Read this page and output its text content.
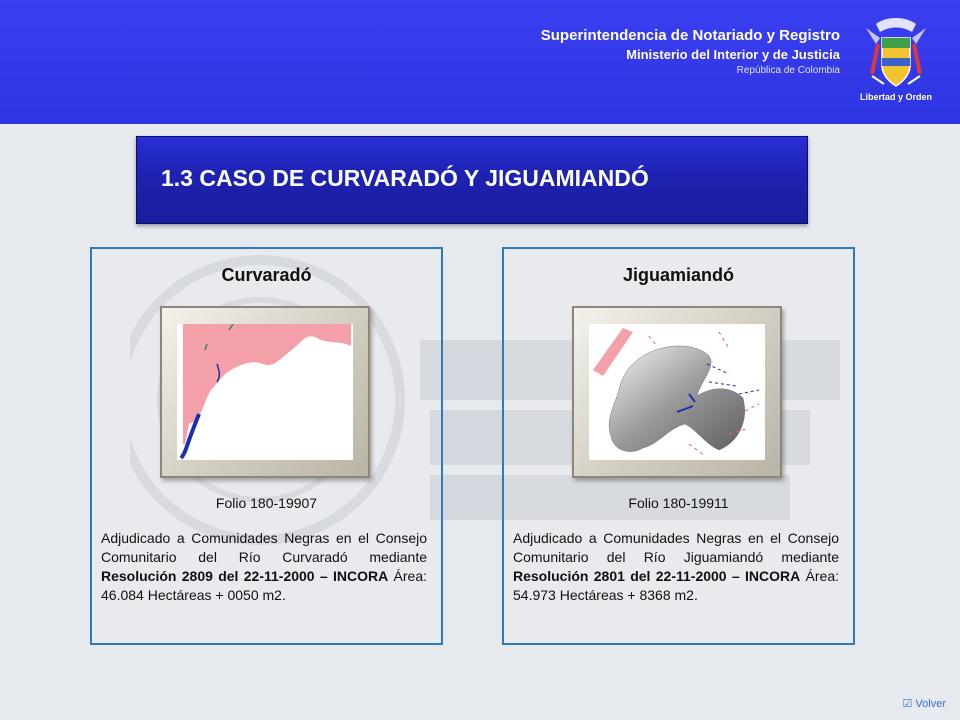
Superintendencia de Notariado y Registro
Ministerio del Interior y de Justicia
República de Colombia
Libertad y Orden
1.3 CASO DE CURVARADÓ Y JIGUAMIANDÓ
Curvaradó
Folio 180-19907
Adjudicado a Comunidades Negras en el Consejo Comunitario del Río Curvaradó mediante Resolución 2809 del 22-11-2000 – INCORA Área: 46.084 Hectáreas + 0050 m2.
Jiguamiandó
Folio 180-19911
Adjudicado a Comunidades Negras en el Consejo Comunitario del Río Jiguamiandó mediante Resolución 2801 del 22-11-2000 – INCORA Área: 54.973 Hectáreas + 8368 m2.
☑ Volver
